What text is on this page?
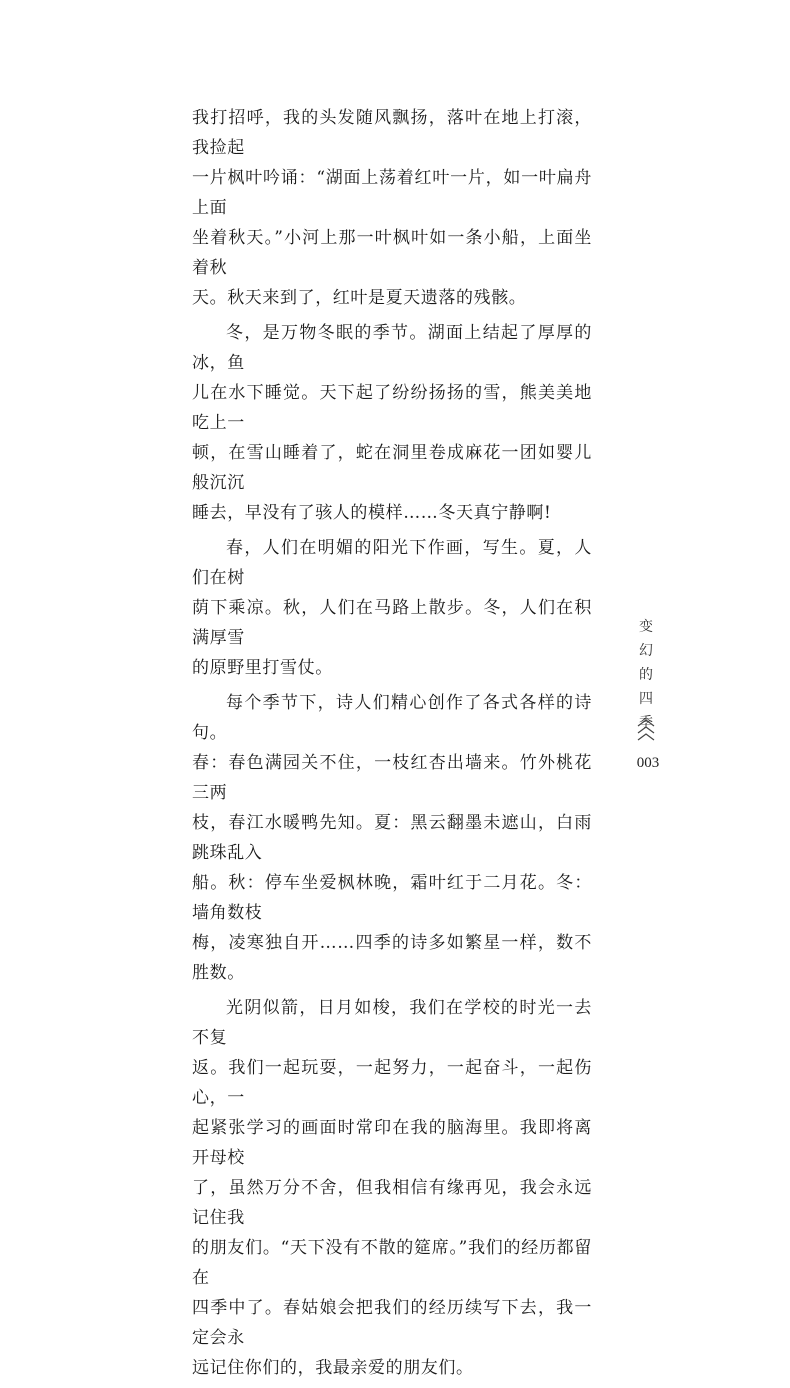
我打招呼，我的头发随风飘扬，落叶在地上打滚，我捡起
一片枫叶吟诵：“湖面上荡着红叶一片，如一叶扁舟上面
坐着秋天。”小河上那一叶枫叶如一条小船，上面坐着秋
天。秋天来到了，红叶是夏天遗落的残骸。

冬，是万物冬眠的季节。湖面上结起了厚厚的冰，鱼
儿在水下睡觉。天下起了纷纷扬扬的雪，熊美美地吃上一
顿，在雪山睡着了，蛇在洞里卷成麻花一团如婴儿般沉沉
睡去，早没有了骇人的模样……冬天真宁静啊!

春，人们在明媚的阳光下作画，写生。夏，人们在树
荫下乘凉。秋，人们在马路上散步。冬，人们在积满厚雪
的原野里打雪仗。

每个季节下，诗人们精心创作了各式各样的诗句。
春：春色满园关不住，一枝红杏出墙来。竹外桃花三两
枝，春江水暖鸭先知。夏：黑云翻墨未遮山，白雨跳珠乱入
船。秋：停车坐爱枫林晚，霜叶红于二月花。冬：墙角数枝
梅，凌寒独自开……四季的诗多如繁星一样，数不胜数。

光阴似箭，日月如梭，我们在学校的时光一去不复
返。我们一起玩耍，一起努力，一起奋斗，一起伤心，一
起紧张学习的画面时常印在我的脑海里。我即将离开母校
了，虽然万分不舍，但我相信有缘再见，我会永远记住我
的朋友们。“天下没有不散的筵席。”我们的经历都留在
四季中了。春姑娘会把我们的经历续写下去，我一定会永
远记住你们的，我最亲爱的朋友们。

变
幻
的
四
季
003
